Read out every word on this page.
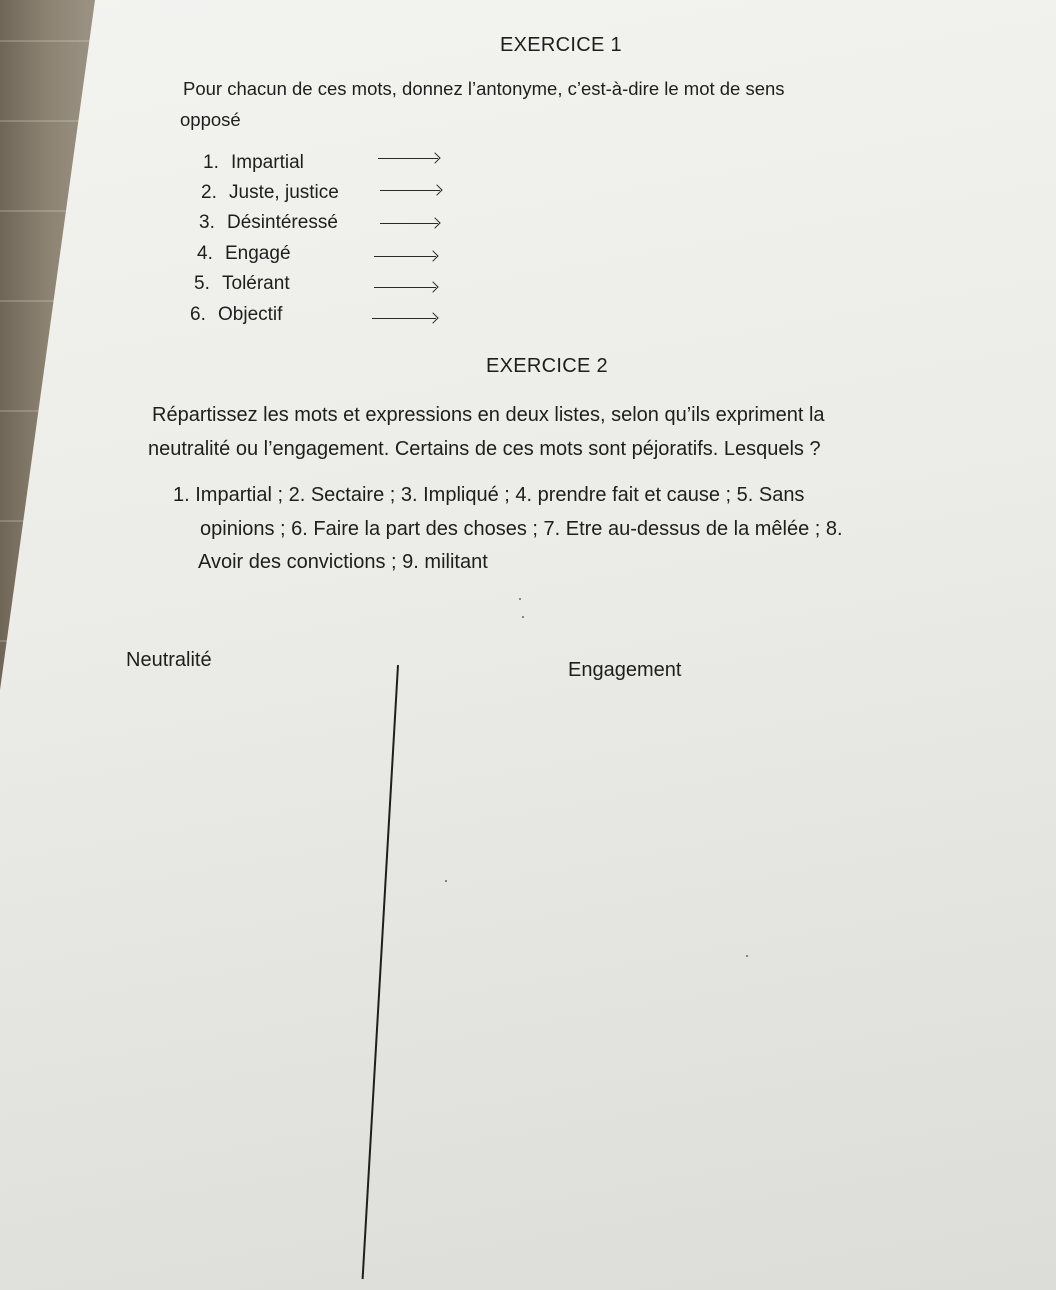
EXERCICE 1
Pour chacun de ces mots, donnez l’antonyme, c’est-à-dire le mot de sens
opposé
1. Impartial
2. Juste, justice
3. Désintéressé
4. Engagé
5. Tolérant
6. Objectif
EXERCICE 2
Répartissez les mots et expressions en deux listes, selon qu’ils expriment la
neutralité ou l’engagement. Certains de ces mots sont péjoratifs. Lesquels ?
1. Impartial ; 2. Sectaire ; 3. Impliqué ; 4. prendre fait et cause ; 5. Sans
opinions ; 6. Faire la part des choses ; 7. Etre au-dessus de la mêlée ; 8.
Avoir des convictions ; 9. militant
Neutralité	Engagement
